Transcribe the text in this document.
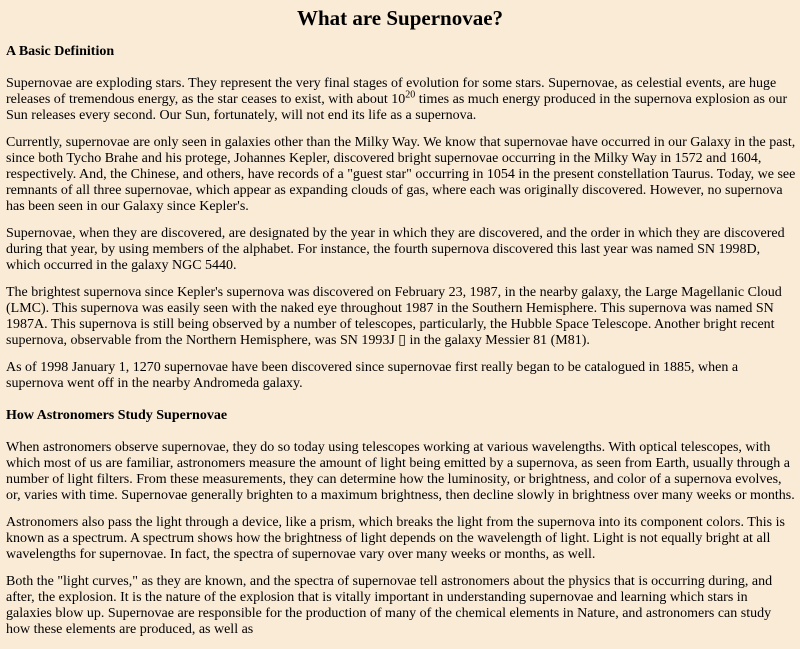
What are Supernovae?
A Basic Definition

Supernovae are exploding stars. They represent the very final stages of evolution for some stars. Supernovae, as celestial events, are huge releases of tremendous energy, as the star ceases to exist, with about $10^{20}$ times as much energy produced in the supernova explosion as our Sun releases every second. Our Sun, fortunately, will not end its life as a supernova.

Currently, supernovae are only seen in galaxies other than the Milky Way. We know that supernovae have occurred in our Galaxy in the past, since both Tycho Brahe and his protege, Johannes Kepler, discovered bright supernovae occurring in the Milky Way in 1572 and 1604, respectively. And, the Chinese, and others, have records of a "guest star" occurring in 1054 in the present constellation Taurus. Today, we see remnants of all three supernovae, which appear as expanding clouds of gas, where each was originally discovered. However, no supernova has been seen in our Galaxy since Kepler's.

Supernovae, when they are discovered, are designated by the year in which they are discovered, and the order in which they are discovered during that year, by using members of the alphabet. For instance, the fourth supernova discovered this last year was named SN 1998D, which occurred in the galaxy NGC 5440.

The brightest supernova since Kepler's supernova was discovered on February 23, 1987, in the nearby galaxy, the Large Magellanic Cloud (LMC). This supernova was easily seen with the naked eye throughout 1987 in the Southern Hemisphere. This supernova was named SN 1987A. This supernova is still being observed by a number of telescopes, particularly, the Hubble Space Telescope. Another bright recent supernova, observable from the Northern Hemisphere, was SN 1993J ▯ in the galaxy Messier 81 (M81).

As of 1998 January 1, 1270 supernovae have been discovered since supernovae first really began to be catalogued in 1885, when a supernova went off in the nearby Andromeda galaxy.

How Astronomers Study Supernovae

When astronomers observe supernovae, they do so today using telescopes working at various wavelengths. With optical telescopes, with which most of us are familiar, astronomers measure the amount of light being emitted by a supernova, as seen from Earth, usually through a number of light filters. From these measurements, they can determine how the luminosity, or brightness, and color of a supernova evolves, or, varies with time. Supernovae generally brighten to a maximum brightness, then decline slowly in brightness over many weeks or months.

Astronomers also pass the light through a device, like a prism, which breaks the light from the supernova into its component colors. This is known as a spectrum. A spectrum shows how the brightness of light depends on the wavelength of light. Light is not equally bright at all wavelengths for supernovae. In fact, the spectra of supernovae vary over many weeks or months, as well.

Both the "light curves," as they are known, and the spectra of supernovae tell astronomers about the physics that is occurring during, and after, the explosion. It is the nature of the explosion that is vitally important in understanding supernovae and learning which stars in galaxies blow up. Supernovae are responsible for the production of many of the chemical elements in Nature, and astronomers can study how these elements are produced, as well as
